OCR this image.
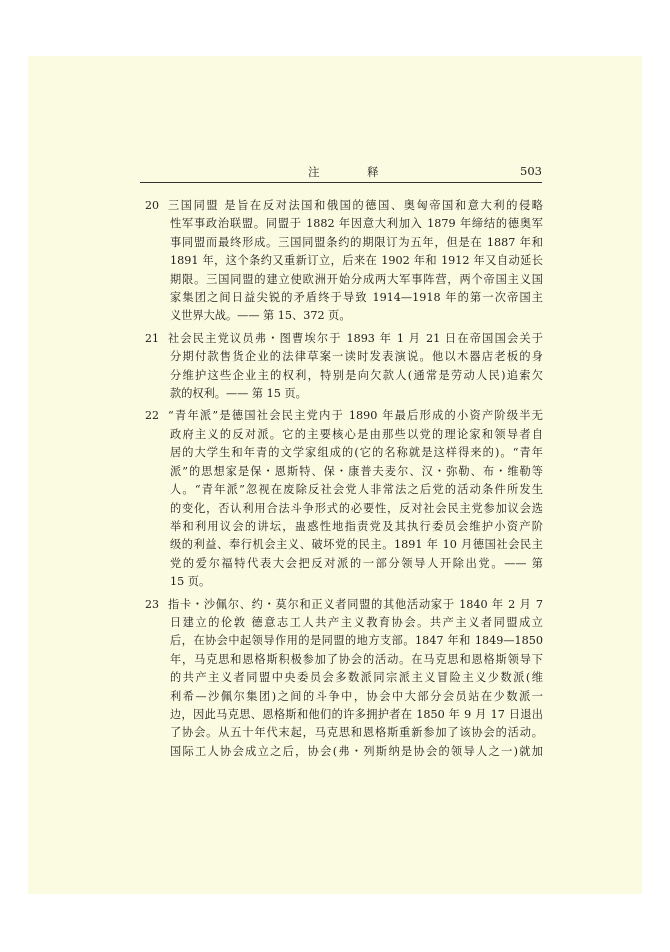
注 释	503
20 三国同盟 是旨在反对法国和俄国的德国、奥匈帝国和意大利的侵略
性军事政治联盟。同盟于 1882 年因意大利加入 1879 年缔结的德奥军
事同盟而最终形成。三国同盟条约的期限订为五年，但是在 1887 年和
1891 年，这个条约又重新订立，后来在 1902 年和 1912 年又自动延长
期限。三国同盟的建立使欧洲开始分成两大军事阵营，两个帝国主义国
家集团之间日益尖锐的矛盾终于导致 1914—1918 年的第一次帝国主
义世界大战。—— 第 15、372 页。
21 社会民主党议员弗・图曹埃尔于 1893 年 1 月 21 日在帝国国会关于
分期付款售货企业的法律草案一读时发表演说。他以木器店老板的身
分维护这些企业主的权利，特别是向欠款人(通常是劳动人民)追索欠
款的权利。—— 第 15 页。
22 “青年派”是德国社会民主党内于 1890 年最后形成的小资产阶级半无
政府主义的反对派。它的主要核心是由那些以党的理论家和领导者自
居的大学生和年青的文学家组成的(它的名称就是这样得来的)。“青年
派”的思想家是保・恩斯特、保・康普夫麦尔、汉・弥勒、布・维勒等
人。“青年派”忽视在废除反社会党人非常法之后党的活动条件所发生
的变化，否认利用合法斗争形式的必要性，反对社会民主党参加议会选
举和利用议会的讲坛，蛊惑性地指责党及其执行委员会维护小资产阶
级的利益、奉行机会主义、破坏党的民主。1891 年 10 月德国社会民主
党的爱尔福特代表大会把反对派的一部分领导人开除出党。—— 第
15 页。
23 指卡・沙佩尔、约・莫尔和正义者同盟的其他活动家于 1840 年 2 月 7
日建立的伦敦 德意志工人共产主义教育协会。共产主义者同盟成立
后，在协会中起领导作用的是同盟的地方支部。1847 年和 1849—1850
年，马克思和恩格斯积极参加了协会的活动。在马克思和恩格斯领导下
的共产主义者同盟中央委员会多数派同宗派主义冒险主义少数派(维
利希—沙佩尔集团)之间的斗争中，协会中大部分会员站在少数派一
边，因此马克思、恩格斯和他们的许多拥护者在 1850 年 9 月 17 日退出
了协会。从五十年代末起，马克思和恩格斯重新参加了该协会的活动。
国际工人协会成立之后，协会(弗・列斯纳是协会的领导人之一)就加
